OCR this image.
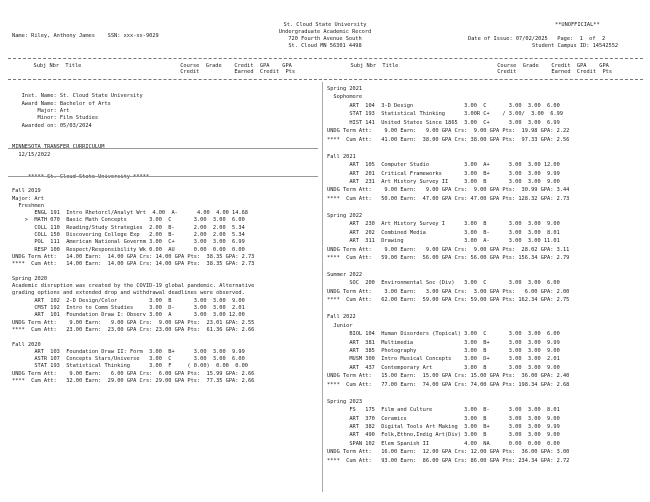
St. Cloud State University
Undergraduate Academic Record
720 Fourth Avenue South
St. Cloud MN 56301 4498
**UNOFFICIAL**
Name: Riley, Anthony James    SSN: xxx-xx-9029	Date of Issue: 07/02/2025   Page:  1  of  2
Student Campus ID: 14542552
Subj Nbr  Title                               Course  Grade    Credit  GPA    GPA
Credit           Earned  Credit  Pts
Subj Nbr  Title                               Course  Grade    Credit  GPA    GPA
Credit           Earned  Credit  Pts
Inst. Name: St. Cloud State University
Award Name: Bachelor of Arts
Major: Art
Minor: Film Studies
Awarded on: 05/03/2024
MINNESOTA TRANSFER CURRICULUM
12/15/2022
***** St. Cloud State University *****
Fall 2019
Major: Art
Freshmen
ENGL 191  Intro Rhetorcl/Analyt Wrt  4.00  A-      4.00  4.00 14.68
>  MATH 070  Basic Math Concepts       3.00  C       3.00  3.00  6.00
COLL 110  Reading/Study Strategies  2.00  B-      2.00  2.00  5.34
COLL 150  Discovering College Exp   2.00  B-      2.00  2.00  5.34
POL  111  American National Governm 3.00  C+      3.00  3.00  6.99
RESP 100  Respect/Responsibility Wk 0.00  AU      0.00  0.00  0.00
UNDG Term Att:   14.00 Earn:  14.00 GPA Crs: 14.00 GPA Pts:  38.35 GPA: 2.73
****  Cum Att:   14.00 Earn:  14.00 GPA Crs: 14.00 GPA Pts:  38.35 GPA: 2.73
Spring 2020
Academic disruption was created by the COVID-19 global pandemic. Alternative
grading options and extended drop and withdrawal deadlines were observed.
ART  102  2-D Design/Color          3.00  B       3.00  3.00  9.00
CMST 192  Intro to Comm Studies     3.00  D-      3.00  3.00  2.01
ART  101  Foundation Draw I: Observ 3.00  A       3.00  3.00 12.00
UNDG Term Att:    9.00 Earn:   9.00 GPA Crs:  9.00 GPA Pts:  23.01 GPA: 2.55
****  Cum Att:   23.00 Earn:  23.00 GPA Crs: 23.00 GPA Pts:  61.36 GPA: 2.66
Fall 2020
ART  103  Foundation Draw II: Form  3.00  B+      3.00  3.00  9.99
ASTR 107  Concepts Stars/Universe   3.00  C       3.00  3.00  6.00
STAT 193  Statistical Thinking      3.00  F     ( 0.00)  0.00  0.00
UNDG Term Att:    9.00 Earn:   6.00 GPA Crs:  6.00 GPA Pts:  15.99 GPA: 2.66
****  Cum Att:   32.00 Earn:  29.00 GPA Crs: 29.00 GPA Pts:  77.35 GPA: 2.66
Spring 2021
Sophomore
ART  104  3-D Design                3.00  C       3.00  3.00  6.00
STAT 193  Statistical Thinking      3.00R C+    / 3.00/  3.00  6.99
HIST 141  United States Since 1865  3.00  C+      3.00  3.00  6.99
UNDG Term Att:    9.00 Earn:   9.00 GPA Crs:  9.00 GPA Pts:  19.98 GPA: 2.22
****  Cum Att:   41.00 Earn:  38.00 GPA Crs: 38.00 GPA Pts:  97.33 GPA: 2.56
Fall 2021
ART  105  Computer Studio           3.00  A+      3.00  3.00 12.00
ART  201  Critical Frameworks       3.00  B+      3.00  3.00  9.99
ART  231  Art History Survey II     3.00  B       3.00  3.00  9.00
UNDG Term Att:    9.00 Earn:   9.00 GPA Crs:  9.00 GPA Pts:  30.99 GPA: 3.44
****  Cum Att:   50.00 Earn:  47.00 GPA Crs: 47.00 GPA Pts: 128.32 GPA: 2.73
Spring 2022
ART  230  Art History Survey I      3.00  B       3.00  3.00  9.00
ART  202  Combined Media            3.00  B-      3.00  3.00  8.01
ART  311  Drawing                   3.00  A-      3.00  3.00 11.01
UNDG Term Att:    9.00 Earn:   9.00 GPA Crs:  9.00 GPA Pts:  28.02 GPA: 3.11
****  Cum Att:   59.00 Earn:  56.00 GPA Crs: 56.00 GPA Pts: 156.34 GPA: 2.79
Summer 2022
SOC  200  Environmental Soc (Div)   3.00  C       3.00  3.00  6.00
UNDG Term Att:    3.00 Earn:   3.00 GPA Crs:  3.00 GPA Pts:   6.00 GPA: 2.00
****  Cum Att:   62.00 Earn:  59.00 GPA Crs: 59.00 GPA Pts: 162.34 GPA: 2.75
Fall 2022
Junior
BIOL 104  Human Disorders (Topical) 3.00  C       3.00  3.00  6.00
ART  381  Multimedia                3.00  B+      3.00  3.00  9.99
ART  385  Photography               3.00  B       3.00  3.00  9.00
MUSM 300  Intro Musical Concepts    3.00  D+      3.00  3.00  2.01
ART  437  Contemporary Art          3.00  B       3.00  3.00  9.00
UNDG Term Att:   15.00 Earn:  15.00 GPA Crs: 15.00 GPA Pts:  36.00 GPA: 2.40
****  Cum Att:   77.00 Earn:  74.00 GPA Crs: 74.00 GPA Pts: 198.34 GPA: 2.68
Spring 2023
FS   175  Film and Culture          3.00  B-      3.00  3.00  8.01
ART  370  Ceramics                  3.00  B       3.00  3.00  9.00
ART  382  Digital Tools Art Making  3.00  B+      3.00  3.00  9.99
ART  490  Folk,Ethno,Indig Art(Div) 3.00  B       3.00  3.00  9.00
SPAN 102  Elem Spanish II           4.00  NA      0.00  0.00  0.00
UNDG Term Att:   16.00 Earn:  12.00 GPA Crs: 12.00 GPA Pts:  36.00 GPA: 3.00
****  Cum Att:   93.00 Earn:  86.00 GPA Crs: 86.00 GPA Pts: 234.34 GPA: 2.72
